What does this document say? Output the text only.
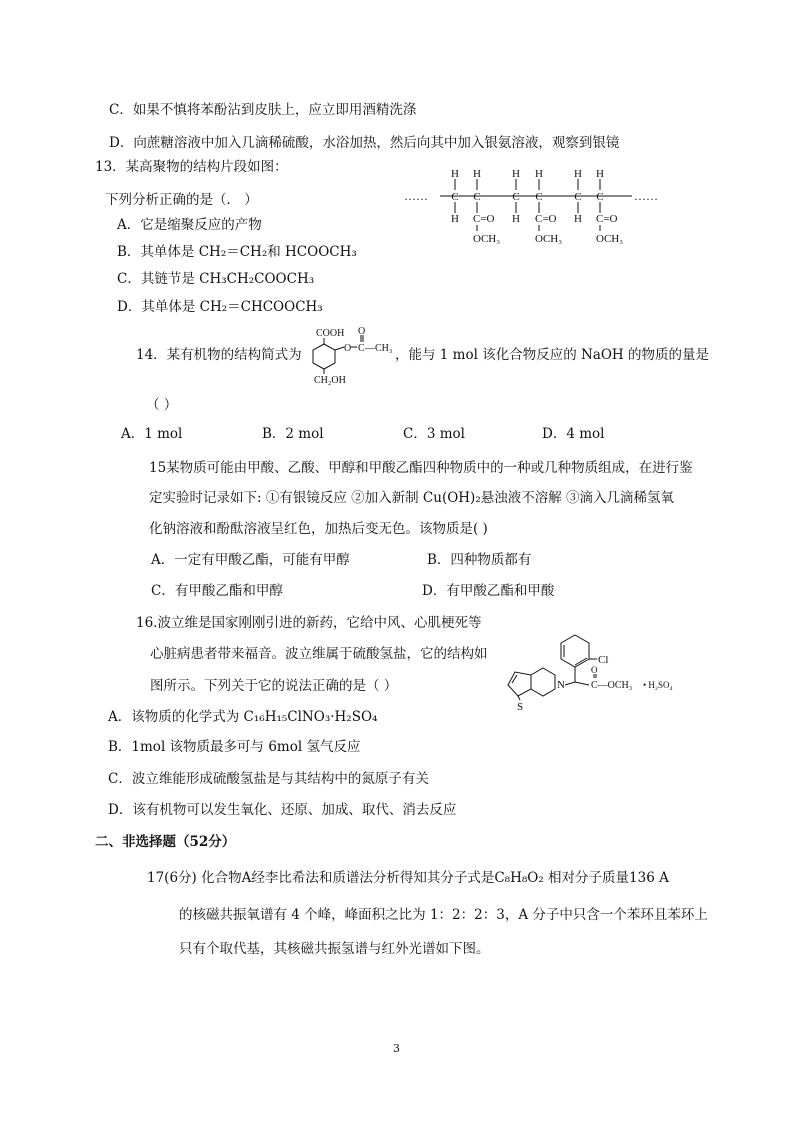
C．如果不慎将苯酚沾到皮肤上，应立即用酒精洗涤
D．向蔗糖溶液中加入几滴稀硫酸，水浴加热，然后向其中加入银氨溶液，观察到银镜
13．某高聚物的结构片段如图：
下列分析正确的是（． ）
A．它是缩聚反应的产物
B．其单体是 CH₂＝CH₂和 HCOOCH₃
C．其链节是 CH₃CH₂COOCH₃
D．其单体是 CH₂＝CHCOOCH₃
……	……
H H	H H	H H
C C	C C	C C
H	H	H
C=O	C=O	C=O
OCH₃	OCH₃	OCH₃
14．某有机物的结构简式为
COOH
O C
O
—CH₃
CH₂OH
，能与 1 mol 该化合物反应的 NaOH 的物质的量是
（ ）
A．1 mol	B．2 mol	C．3 mol	D．4 mol
15某物质可能由甲酸、乙酸、甲醇和甲酸乙酯四种物质中的一种或几种物质组成，在进行鉴
定实验时记录如下: ①有银镜反应 ②加入新制 Cu(OH)₂悬浊液不溶解 ③滴入几滴稀氢氧
化钠溶液和酚酞溶液呈红色，加热后变无色。该物质是( )
A．一定有甲酸乙酯，可能有甲醇	B．四种物质都有
C．有甲酸乙酯和甲醇	D．有甲酸乙酯和甲酸
16.波立维是国家刚刚引进的新药，它给中风、心肌梗死等
心脏病患者带来福音。波立维属于硫酸氢盐，它的结构如
图所示。下列关于它的说法正确的是（ ）
Cl
N	C—OCH₃
O
• H₂SO₄
S
A．该物质的化学式为 C₁₆H₁₅ClNO₃·H₂SO₄
B．1mol 该物质最多可与 6mol 氢气反应
C．波立维能形成硫酸氢盐是与其结构中的氮原子有关
D．该有机物可以发生氧化、还原、加成、取代、消去反应
二、非选择题（52分）
17(6分) 化合物A经李比希法和质谱法分析得知其分子式是C₈H₈O₂ 相对分子质量136 A
的核磁共振氧谱有 4 个峰，峰面积之比为 1：2：2：3，A 分子中只含一个苯环且苯环上
只有个取代基，其核磁共振氢谱与红外光谱如下图。
3
